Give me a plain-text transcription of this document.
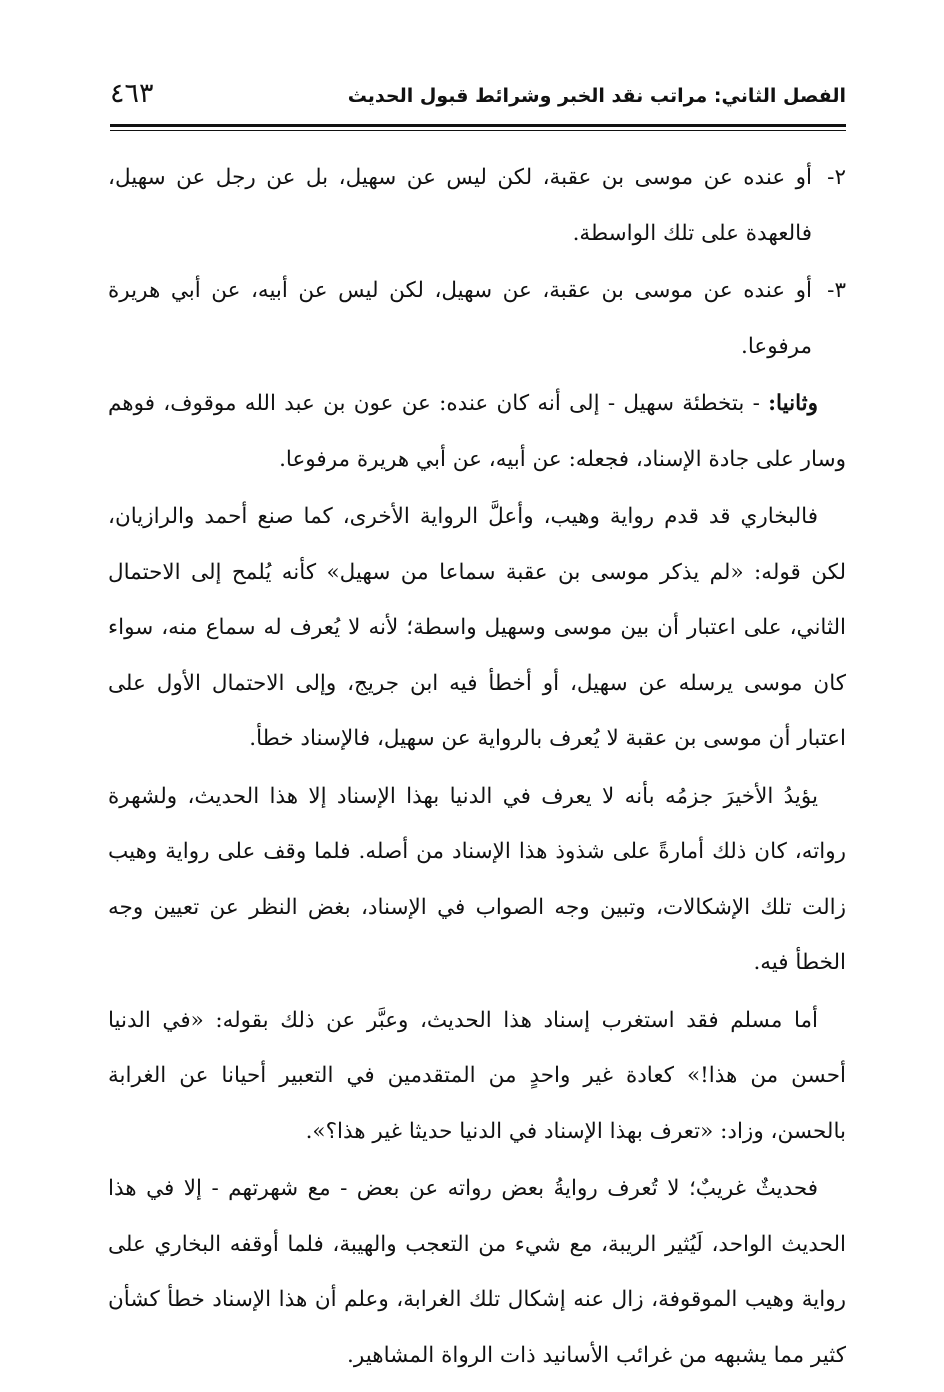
الفصل الثاني: مراتب نقد الخبر وشرائط قبول الحديث
٤٦٣
٢-
أو عنده عن موسى بن عقبة، لكن ليس عن سهيل، بل عن رجل عن سهيل، فالعهدة على تلك الواسطة.
٣-
أو عنده عن موسى بن عقبة، عن سهيل، لكن ليس عن أبيه، عن أبي هريرة مرفوعا.

وثانيا: - بتخطئة سهيل - إلى أنه كان عنده: عن عون بن عبد الله موقوف، فوهم وسار على جادة الإسناد، فجعله: عن أبيه، عن أبي هريرة مرفوعا.

فالبخاري قد قدم رواية وهيب، وأعلَّ الرواية الأخرى، كما صنع أحمد والرازيان، لكن قوله: «لم يذكر موسى بن عقبة سماعا من سهيل» كأنه يُلمح إلى الاحتمال الثاني، على اعتبار أن بين موسى وسهيل واسطة؛ لأنه لا يُعرف له سماع منه، سواء كان موسى يرسله عن سهيل، أو أخطأ فيه ابن جريج، وإلى الاحتمال الأول على اعتبار أن موسى بن عقبة لا يُعرف بالرواية عن سهيل، فالإسناد خطأ.

يؤيدُ الأخيرَ جزمُه بأنه لا يعرف في الدنيا بهذا الإسناد إلا هذا الحديث، ولشهرة رواته، كان ذلك أمارةً على شذوذ هذا الإسناد من أصله. فلما وقف على رواية وهيب زالت تلك الإشكالات، وتبين وجه الصواب في الإسناد، بغض النظر عن تعيين وجه الخطأ فيه.

أما مسلم فقد استغرب إسناد هذا الحديث، وعبَّر عن ذلك بقوله: «في الدنيا أحسن من هذا!» كعادة غير واحدٍ من المتقدمين في التعبير أحيانا عن الغرابة بالحسن، وزاد: «تعرف بهذا الإسناد في الدنيا حديثا غير هذا؟».

فحديثٌ غريبٌ؛ لا تُعرف روايةُ بعض رواته عن بعض - مع شهرتهم - إلا في هذا الحديث الواحد، لَيُثير الريبة، مع شيء من التعجب والهيبة، فلما أوقفه البخاري على رواية وهيب الموقوفة، زال عنه إشكال تلك الغرابة، وعلم أن هذا الإسناد خطأ كشأن كثير مما يشبهه من غرائب الأسانيد ذات الرواة المشاهير.
